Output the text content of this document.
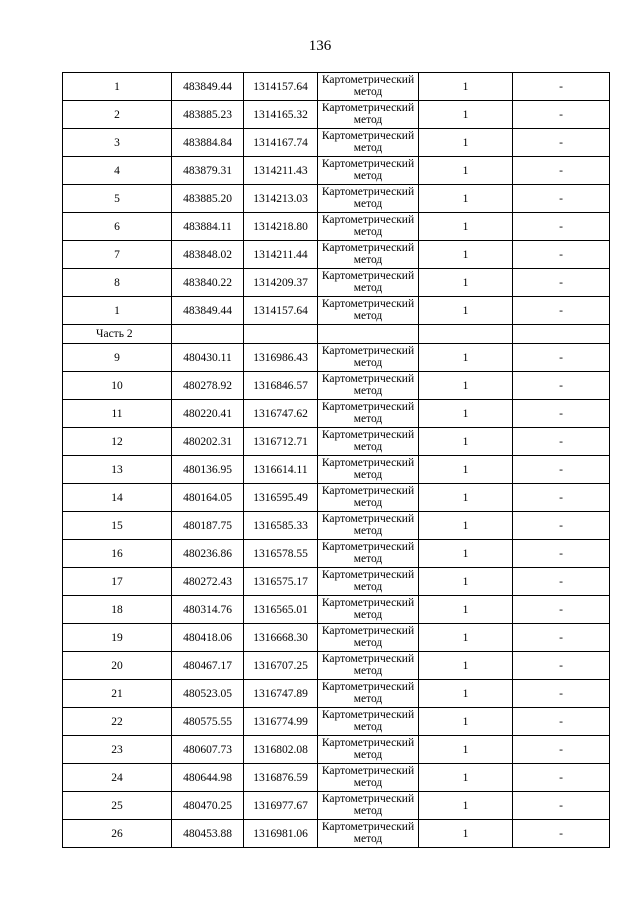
136
1	483849.44	1314157.64	Картометрический метод	1	-
2	483885.23	1314165.32	Картометрический метод	1	-
3	483884.84	1314167.74	Картометрический метод	1	-
4	483879.31	1314211.43	Картометрический метод	1	-
5	483885.20	1314213.03	Картометрический метод	1	-
6	483884.11	1314218.80	Картометрический метод	1	-
7	483848.02	1314211.44	Картометрический метод	1	-
8	483840.22	1314209.37	Картометрический метод	1	-
1	483849.44	1314157.64	Картометрический метод	1	-
Часть 2					
9	480430.11	1316986.43	Картометрический метод	1	-
10	480278.92	1316846.57	Картометрический метод	1	-
11	480220.41	1316747.62	Картометрический метод	1	-
12	480202.31	1316712.71	Картометрический метод	1	-
13	480136.95	1316614.11	Картометрический метод	1	-
14	480164.05	1316595.49	Картометрический метод	1	-
15	480187.75	1316585.33	Картометрический метод	1	-
16	480236.86	1316578.55	Картометрический метод	1	-
17	480272.43	1316575.17	Картометрический метод	1	-
18	480314.76	1316565.01	Картометрический метод	1	-
19	480418.06	1316668.30	Картометрический метод	1	-
20	480467.17	1316707.25	Картометрический метод	1	-
21	480523.05	1316747.89	Картометрический метод	1	-
22	480575.55	1316774.99	Картометрический метод	1	-
23	480607.73	1316802.08	Картометрический метод	1	-
24	480644.98	1316876.59	Картометрический метод	1	-
25	480470.25	1316977.67	Картометрический метод	1	-
26	480453.88	1316981.06	Картометрический метод	1	-
